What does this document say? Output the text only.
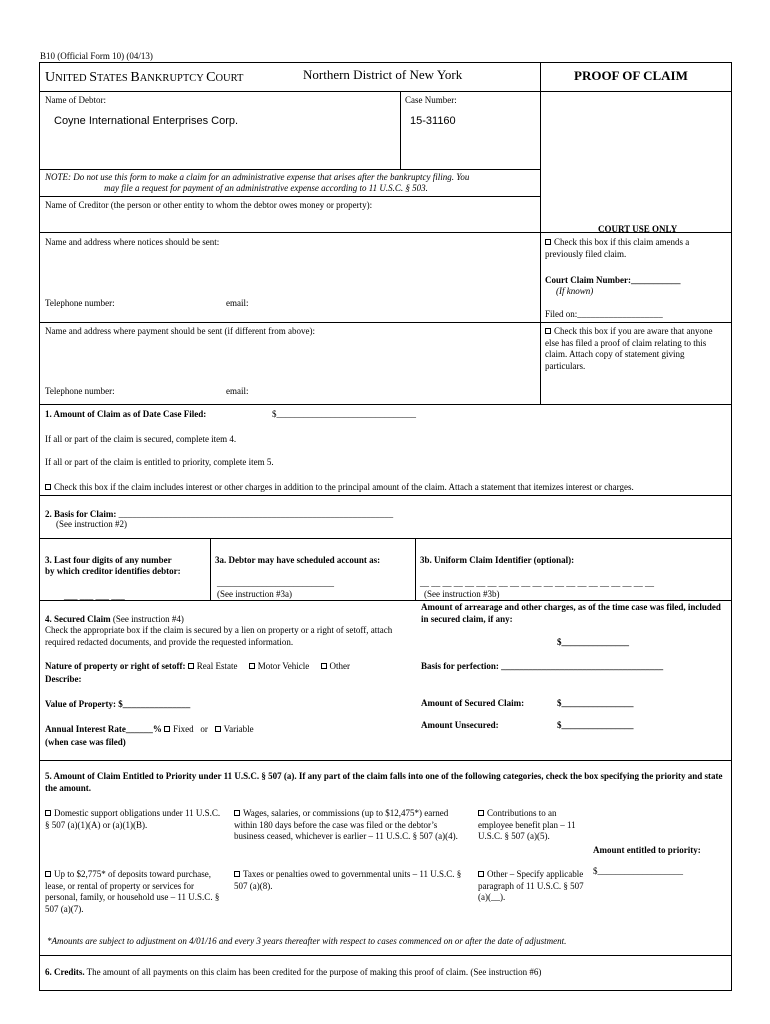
B10 (Official Form 10) (04/13)
UNITED STATES BANKRUPTCY COURT	Northern District of New York	PROOF OF CLAIM
Name of Debtor:
Coyne International Enterprises Corp.
Case Number:
15-31160
NOTE: Do not use this form to make a claim for an administrative expense that arises after the bankruptcy filing. You
may file a request for payment of an administrative expense according to 11 U.S.C. § 503.
Name of Creditor (the person or other entity to whom the debtor owes money or property):
Name and address where notices should be sent:
Telephone number:	email:
Name and address where payment should be sent (if different from above):
Telephone number:	email:
COURT USE ONLY
Check this box if this claim amends a previously filed claim.
Court Claim Number:___________
(If known)
Filed on:___________________
Check this box if you are aware that anyone else has filed a proof of claim relating to this claim. Attach copy of statement giving particulars.
1. Amount of Claim as of Date Case Filed:	$_______________________________
If all or part of the claim is secured, complete item 4.
If all or part of the claim is entitled to priority, complete item 5.
Check this box if the claim includes interest or other charges in addition to the principal amount of the claim. Attach a statement that itemizes interest or charges.
2. Basis for Claim: _____________________________________________________________
(See instruction #2)
3. Last four digits of any number
by which creditor identifies debtor:
___ ___ ___ ___
3a. Debtor may have scheduled account as:
__________________________
(See instruction #3a)
3b. Uniform Claim Identifier (optional):
__ __ __ __ __ __ __ __ __ __ __ __ __ __ __ __ __ __ __ __ __
(See instruction #3b)
4. Secured Claim (See instruction #4)
Check the appropriate box if the claim is secured by a lien on property or a right of setoff, attach required redacted documents, and provide the requested information.
Amount of arrearage and other charges, as of the time case was filed, included in secured claim, if any:
$_______________
Nature of property or right of setoff: Real Estate Motor Vehicle Other
Describe:
Basis for perfection: ____________________________________
Value of Property: $_______________	Amount of Secured Claim:	$________________
Annual Interest Rate______% Fixed or Variable
(when case was filed)
Amount Unsecured:	$________________
5. Amount of Claim Entitled to Priority under 11 U.S.C. § 507 (a). If any part of the claim falls into one of the following categories, check the box specifying the priority and state the amount.
Domestic support obligations under 11 U.S.C. § 507 (a)(1)(A) or (a)(1)(B).
Wages, salaries, or commissions (up to $12,475*) earned within 180 days before the case was filed or the debtor’s business ceased, whichever is earlier – 11 U.S.C. § 507 (a)(4).
Contributions to an employee benefit plan – 11 U.S.C. § 507 (a)(5).
Amount entitled to priority:
Up to $2,775* of deposits toward purchase, lease, or rental of property or services for personal, family, or household use – 11 U.S.C. § 507 (a)(7).
Taxes or penalties owed to governmental units – 11 U.S.C. § 507 (a)(8).
Other – Specify applicable paragraph of 11 U.S.C. § 507 (a)(__).
$___________________
*Amounts are subject to adjustment on 4/01/16 and every 3 years thereafter with respect to cases commenced on or after the date of adjustment.
6. Credits. The amount of all payments on this claim has been credited for the purpose of making this proof of claim. (See instruction #6)
